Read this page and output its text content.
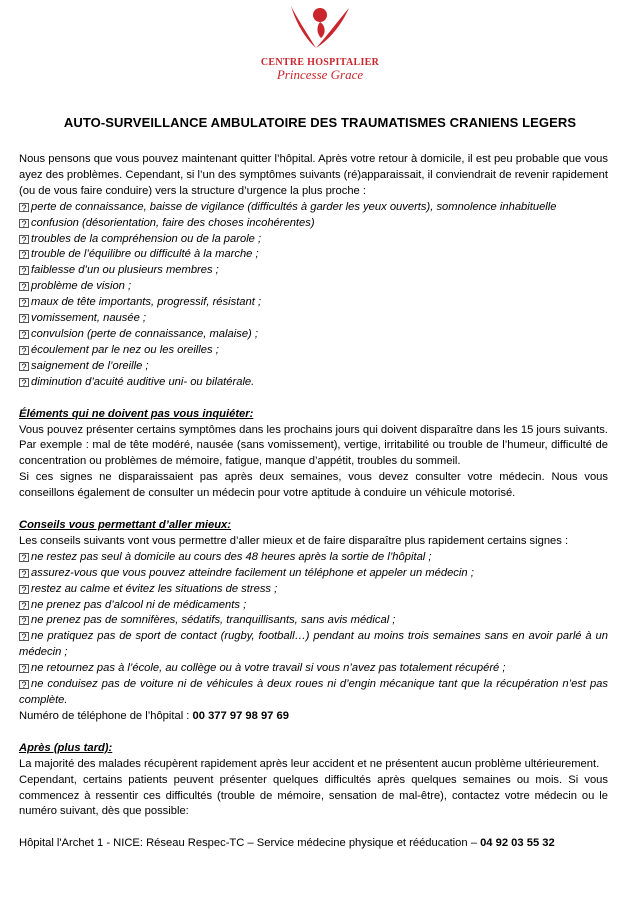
CENTRE HOSPITALIER
Princesse Grace
AUTO-SURVEILLANCE AMBULATOIRE DES TRAUMATISMES CRANIENS LEGERS

Nous pensons que vous pouvez maintenant quitter l’hôpital. Après votre retour à domicile, il est peu probable que vous ayez des problèmes. Cependant, si l’un des symptômes suivants (ré)apparaissait, il conviendrait de revenir rapidement (ou de vous faire conduire) vers la structure d’urgence la plus proche :

? perte de connaissance, baisse de vigilance (difficultés à garder les yeux ouverts), somnolence inhabituelle

? confusion (désorientation, faire des choses incohérentes)

? troubles de la compréhension ou de la parole ;

? trouble de l’équilibre ou difficulté à la marche ;

? faiblesse d’un ou plusieurs membres ;

? problème de vision ;

? maux de tête importants, progressif, résistant ;

? vomissement, nausée ;

? convulsion (perte de connaissance, malaise) ;

? écoulement par le nez ou les oreilles ;

? saignement de l’oreille ;

? diminution d’acuité auditive uni- ou bilatérale.

Éléments qui ne doivent pas vous inquiéter:

Vous pouvez présenter certains symptômes dans les prochains jours qui doivent disparaître dans les 15 jours suivants.

Par exemple : mal de tête modéré, nausée (sans vomissement), vertige, irritabilité ou trouble de l’humeur, difficulté de concentration ou problèmes de mémoire, fatigue, manque d’appétit, troubles du sommeil.

Si ces signes ne disparaissaient pas après deux semaines, vous devez consulter votre médecin. Nous vous conseillons également de consulter un médecin pour votre aptitude à conduire un véhicule motorisé.

Conseils vous permettant d’aller mieux:

Les conseils suivants vont vous permettre d’aller mieux et de faire disparaître plus rapidement certains signes :

? ne restez pas seul à domicile au cours des 48 heures après la sortie de l’hôpital ;

? assurez-vous que vous pouvez atteindre facilement un téléphone et appeler un médecin ;

? restez au calme et évitez les situations de stress ;

? ne prenez pas d’alcool ni de médicaments ;

? ne prenez pas de somnifères, sédatifs, tranquillisants, sans avis médical ;

? ne pratiquez pas de sport de contact (rugby, football…) pendant au moins trois semaines sans en avoir parlé à un médecin ;

? ne retournez pas à l’école, au collège ou à votre travail si vous n’avez pas totalement récupéré ;

? ne conduisez pas de voiture ni de véhicules à deux roues ni d’engin mécanique tant que la récupération n’est pas complète.

Numéro de téléphone de l’hôpital : 00 377 97 98 97 69

Après (plus tard):

La majorité des malades récupèrent rapidement après leur accident et ne présentent aucun problème ultérieurement.

Cependant, certains patients peuvent présenter quelques difficultés après quelques semaines ou mois. Si vous commencez à ressentir ces difficultés (trouble de mémoire, sensation de mal-être), contactez votre médecin ou le numéro suivant, dès que possible:

Hôpital l'Archet 1 - NICE: Réseau Respec-TC – Service médecine physique et rééducation – 04 92 03 55 32
